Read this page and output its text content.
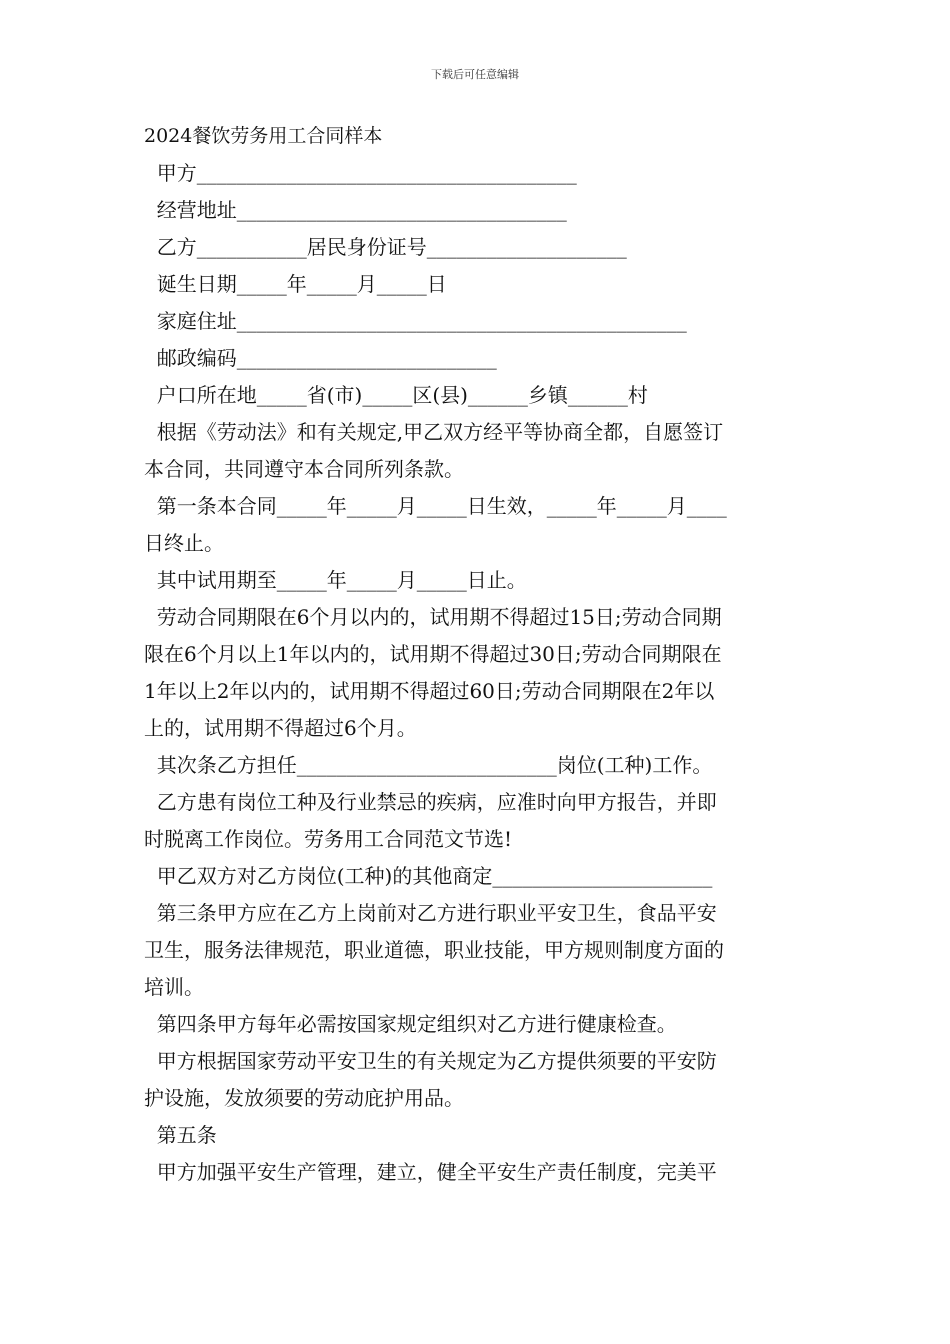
下载后可任意编辑
2024餐饮劳务用工合同样本
甲方______________________________________
经营地址_________________________________
乙方___________居民身份证号____________________
诞生日期_____年_____月_____日
家庭住址_____________________________________________
邮政编码__________________________
户口所在地_____省(市)_____区(县)______乡镇______村
根据《劳动法》和有关规定,甲乙双方经平等协商全都，自愿签订
本合同，共同遵守本合同所列条款。
第一条本合同_____年_____月_____日生效，_____年_____月____
日终止。
其中试用期至_____年_____月_____日止。
劳动合同期限在6个月以内的，试用期不得超过15日;劳动合同期
限在6个月以上1年以内的，试用期不得超过30日;劳动合同期限在
1年以上2年以内的，试用期不得超过60日;劳动合同期限在2年以
上的，试用期不得超过6个月。
其次条乙方担任__________________________岗位(工种)工作。
乙方患有岗位工种及行业禁忌的疾病，应准时向甲方报告，并即
时脱离工作岗位。劳务用工合同范文节选!
甲乙双方对乙方岗位(工种)的其他商定______________________
第三条甲方应在乙方上岗前对乙方进行职业平安卫生，食品平安
卫生，服务法律规范，职业道德，职业技能，甲方规则制度方面的
培训。
第四条甲方每年必需按国家规定组织对乙方进行健康检查。
甲方根据国家劳动平安卫生的有关规定为乙方提供须要的平安防
护设施，发放须要的劳动庇护用品。
第五条
甲方加强平安生产管理，建立，健全平安生产责任制度，完美平
